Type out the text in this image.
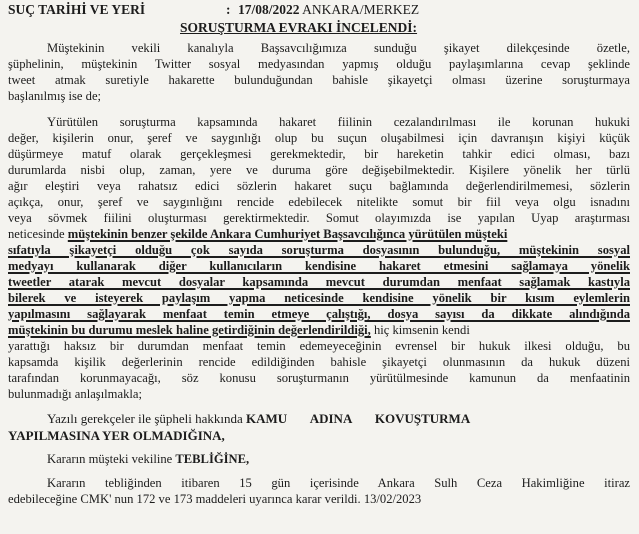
SUÇ TARİHİ VE YERİ	: 17/08/2022 ANKARA/MERKEZ
SORUŞTURMA EVRAKI İNCELENDİ:
Müştekinin vekili kanalıyla Başsavcılığımıza sunduğu şikayet dilekçesinde özetle,
şüphelinin, müştekinin Twitter sosyal medyasından yapmış olduğu paylaşımlarına cevap şeklinde
tweet atmak suretiyle hakarette bulunduğundan bahisle şikayetçi olması üzerine soruşturmaya
başlanılmış ise de;
Yürütülen soruşturma kapsamında hakaret fiilinin cezalandırılması ile korunan hukuki
değer, kişilerin onur, şeref ve saygınlığı olup bu suçun oluşabilmesi için davranışın kişiyi küçük
düşürmeye matuf olarak gerçekleşmesi gerekmektedir, bir hareketin tahkir edici olması, bazı
durumlarda nisbi olup, zaman, yere ve duruma göre değişebilmektedir. Kişilere yönelik her türlü
ağır eleştiri veya rahatsız edici sözlerin hakaret suçu bağlamında değerlendirilmemesi, sözlerin
açıkça, onur, şeref ve saygınlığını rencide edebilecek nitelikte somut bir fiil veya olgu isnadını
veya sövmek fiilini oluşturması gerektirmektedir. Somut olayımızda ise yapılan Uyap araştırması
neticesinde müştekinin benzer şekilde Ankara Cumhuriyet Başsavcılığınca yürütülen müşteki
sıfatıyla şikayetçi olduğu çok sayıda soruşturma dosyasının bulunduğu, müştekinin sosyal
medyayı kullanarak diğer kullanıcıların kendisine hakaret etmesini sağlamaya yönelik
tweetler atarak mevcut dosyalar kapsamında mevcut durumdan menfaat sağlamak kastıyla
bilerek ve isteyerek paylaşım yapma neticesinde kendisine yönelik bir kısım eylemlerin
yapılmasını sağlayarak menfaat temin etmeye çalıştığı, dosya sayısı da dikkate alındığında
müştekinin bu durumu meslek haline getirdiğinin değerlendirildiği, hiç kimsenin kendi
yarattığı haksız bir durumdan menfaat temin edemeyeceğinin evrensel bir hukuk ilkesi olduğu, bu
kapsamda kişilik değerlerinin rencide edildiğinden bahisle şikayetçi olunmasının da hukuk düzeni
tarafından korunmayacağı, söz konusu soruşturmanın yürütülmesinde kamunun da menfaatinin
bulunmadığı anlaşılmakla;
Yazılı gerekçeler ile şüpheli hakkında KAMU ADINA KOVUŞTURMA
YAPILMASINA YER OLMADIĞINA,
Kararın müşteki vekiline TEBLİĞİNE,
Kararın tebliğinden itibaren 15 gün içerisinde Ankara Sulh Ceza Hakimliğine itiraz
edebileceğine CMK' nun 172 ve 173 maddeleri uyarınca karar verildi. 13/02/2023
